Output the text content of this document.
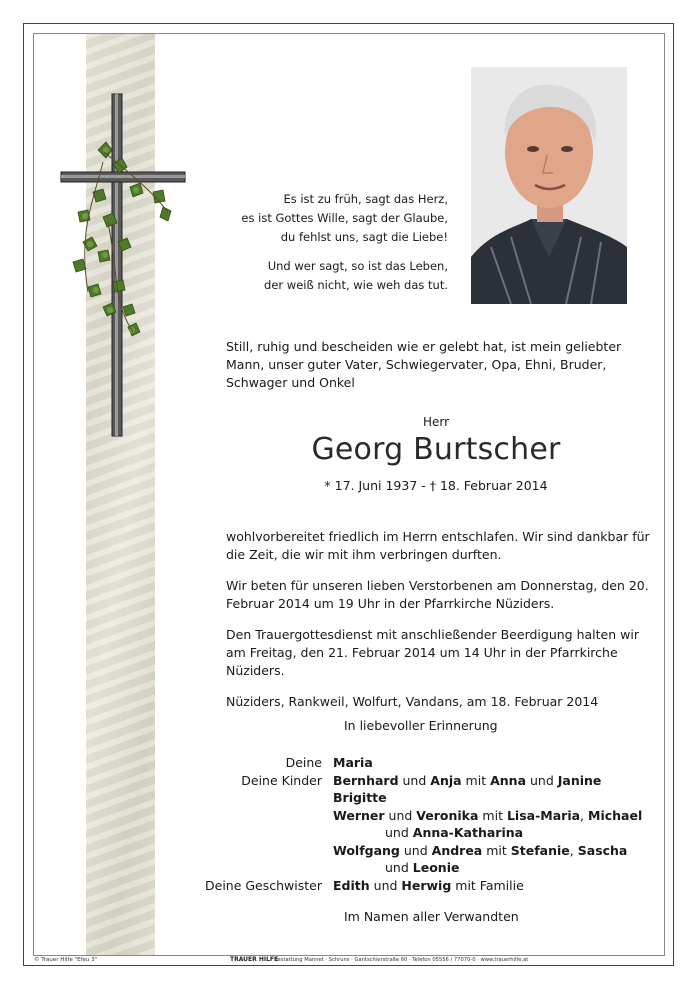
Es ist zu früh, sagt das Herz,
es ist Gottes Wille, sagt der Glaube,
du fehlst uns, sagt die Liebe!

Und wer sagt, so ist das Leben,
der weiß nicht, wie weh das tut.

Still, ruhig und bescheiden wie er gelebt hat, ist mein geliebter Mann, unser guter Vater, Schwiegervater, Opa, Ehni, Bruder, Schwager und Onkel
Herr
Georg Burtscher
* 17. Juni 1937 - † 18. Februar 2014

wohlvorbereitet friedlich im Herrn entschlafen. Wir sind dankbar für die Zeit, die wir mit ihm verbringen durften.

Wir beten für unseren lieben Verstorbenen am Donnerstag, den 20. Februar 2014 um 19 Uhr in der Pfarrkirche Nüziders.

Den Trauergottesdienst mit anschließender Beerdigung halten wir am Freitag, den 21. Februar 2014 um 14 Uhr in der Pfarrkirche Nüziders.

Nüziders, Rankweil, Wolfurt, Vandans, am 18. Februar 2014

In liebevoller Erinnerung
Deine Maria
Deine Kinder Bernhard und Anja mit Anna und Janine
Brigitte
Werner und Veronika mit Lisa-Maria, Michael
und Anna-Katharina
Wolfgang und Andrea mit Stefanie, Sascha
und Leonie
Deine Geschwister Edith und Herwig mit Familie
Im Namen aller Verwandten
© Trauer Hilfe "Efeu 3"	TRAUER HILFE
Bestattung Mannet · Schruns · Gantschierstraße 60 · Telefon 05556 / 77070-0 · www.trauerhilfe.at
